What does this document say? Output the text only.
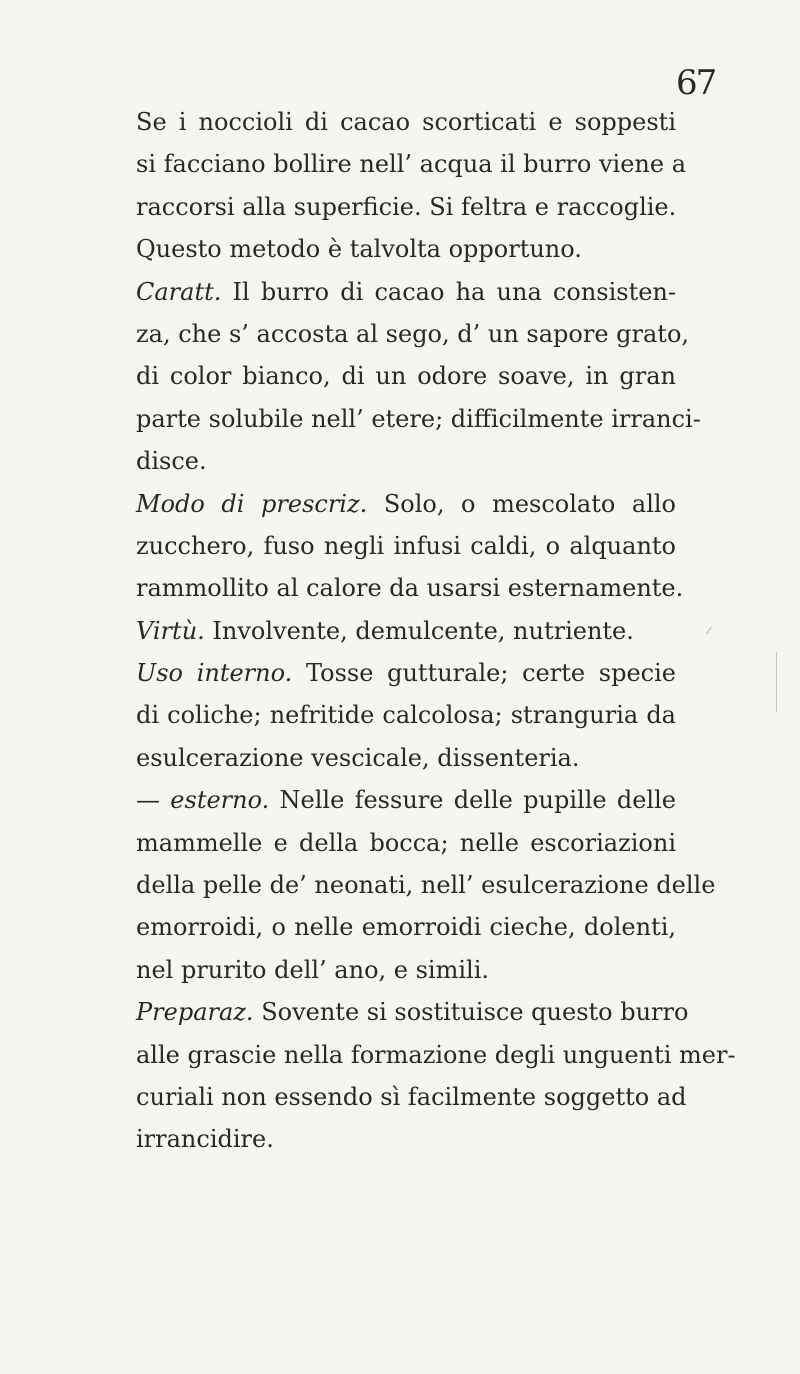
67
Se i noccioli di cacao scorticati e soppesti
si facciano bollire nell’ acqua il burro viene a
raccorsi alla superficie. Si feltra e raccoglie.
Questo metodo è talvolta opportuno.
Caratt. Il burro di cacao ha una consisten-
za, che s’ accosta al sego, d’ un sapore grato,
di color bianco, di un odore soave, in gran
parte solubile nell’ etere; difficilmente irranci-
disce.
Modo di prescriz. Solo, o mescolato allo
zucchero, fuso negli infusi caldi, o alquanto
rammollito al calore da usarsi esternamente.
Virtù. Involvente, demulcente, nutriente.
Uso interno. Tosse gutturale; certe specie
di coliche; nefritide calcolosa; stranguria da
esulcerazione vescicale, dissenteria.
— esterno. Nelle fessure delle pupille delle
mammelle e della bocca; nelle escoriazioni
della pelle de’ neonati, nell’ esulcerazione delle
emorroidi, o nelle emorroidi cieche, dolenti,
nel prurito dell’ ano, e simili.
Preparaz. Sovente si sostituisce questo burro
alle grascie nella formazione degli unguenti mer-
curiali non essendo sì facilmente soggetto ad
irrancidire.
